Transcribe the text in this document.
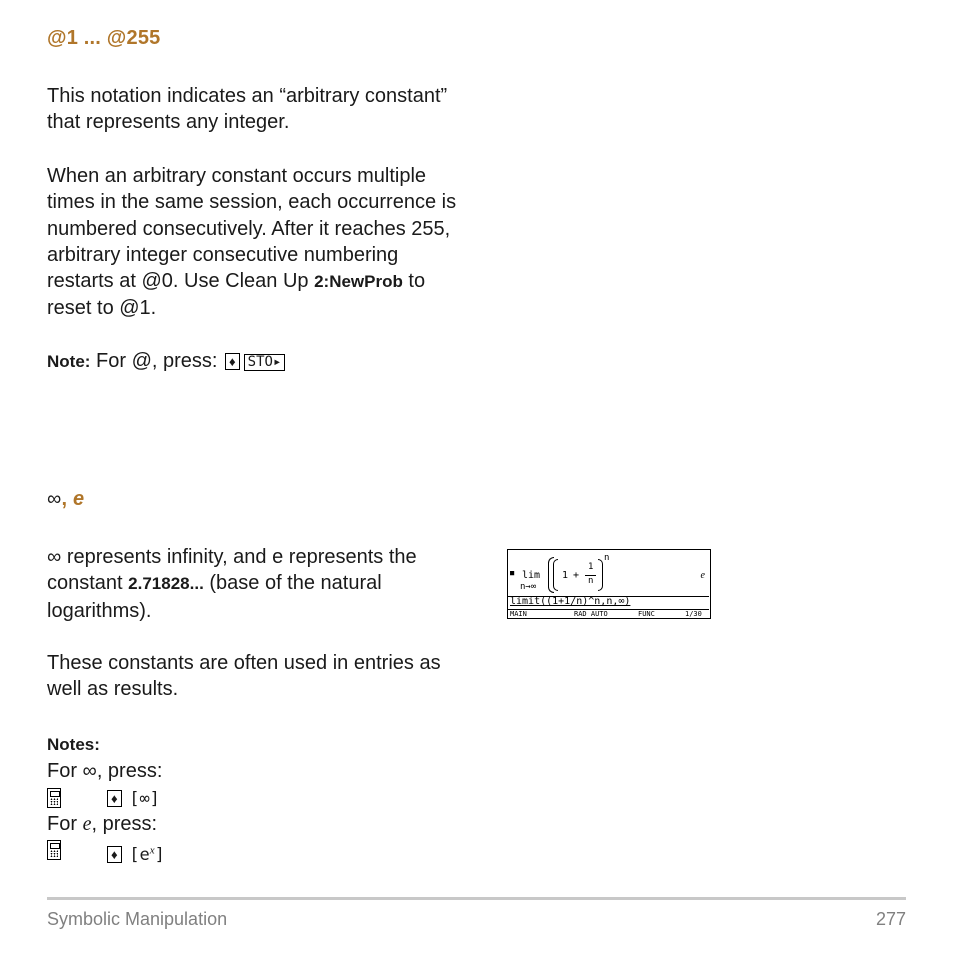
@1 ... @255
This notation indicates an “arbitrary constant”
that represents any integer.
When an arbitrary constant occurs multiple
times in the same session, each occurrence is
numbered consecutively. After it reaches 255,
arbitrary integer consecutive numbering
restarts at @0. Use Clean Up 2:NewProb to
reset to @1.
Note: For @, press: ♦ STO▸
∞, e
∞ represents infinity, and e represents the
constant 2.71828... (base of the natural
logarithms).
These constants are often used in entries as
well as results.
Notes:
For ∞, press:
♦ [∞]
For e, press:
♦ $[e^x]$
■ lim
n→∞
1 +
1
n
n
e
limit((1+1/n)^n,n,∞)
MAIN	RAD AUTO	FUNC	1/30
Symbolic Manipulation	277
